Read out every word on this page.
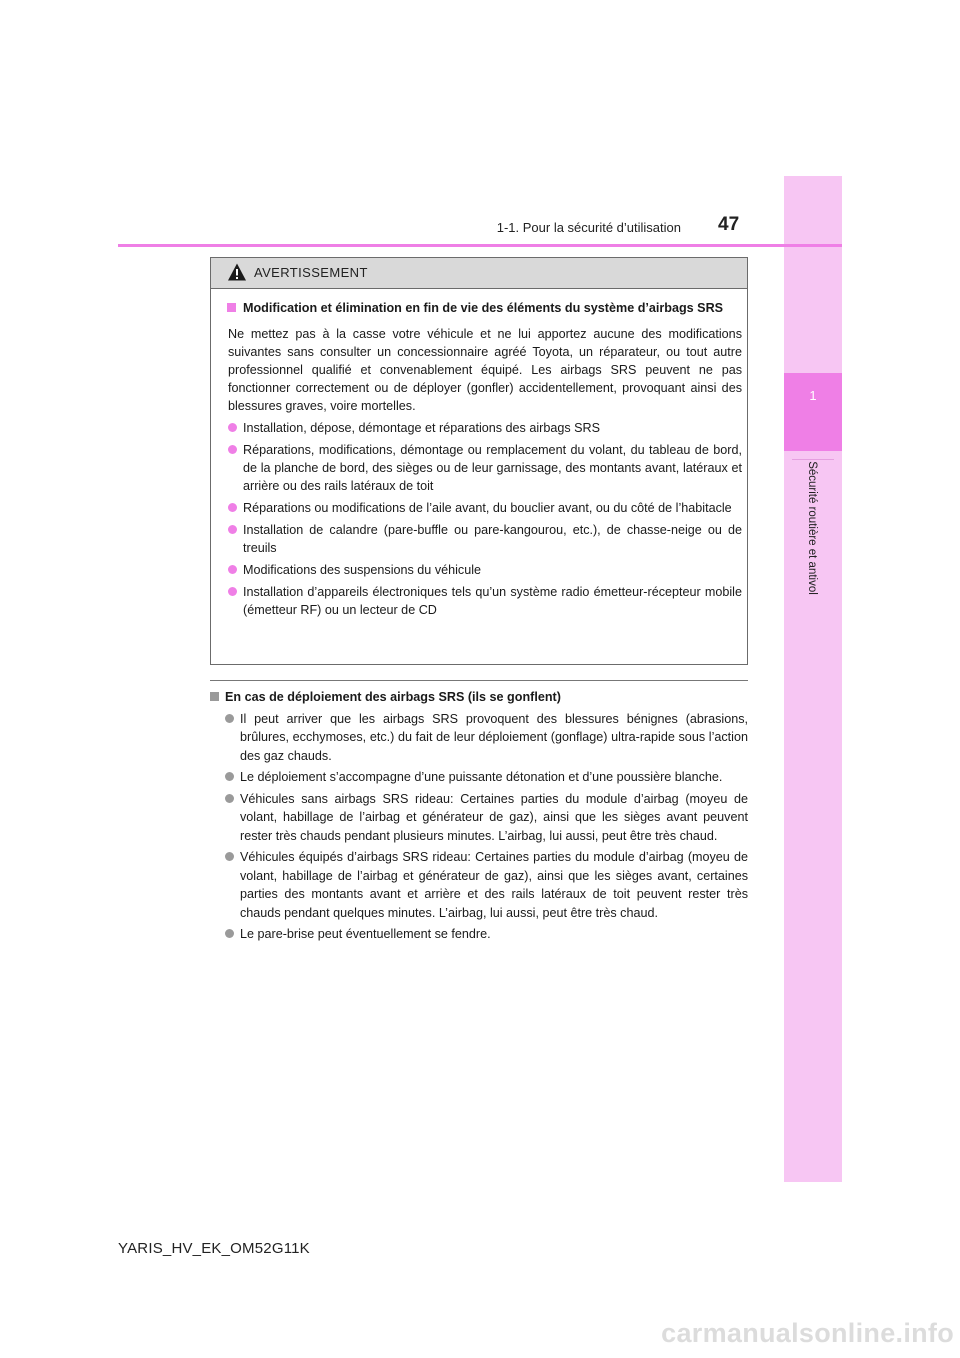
1
Sécurité routière et antivol
1-1. Pour la sécurité d’utilisation 47
AVERTISSEMENT
Modification et élimination en fin de vie des éléments du système d’airbags SRS
Ne mettez pas à la casse votre véhicule et ne lui apportez aucune des modifications suivantes sans consulter un concessionnaire agréé Toyota, un réparateur, ou tout autre professionnel qualifié et convenablement équipé. Les airbags SRS peuvent ne pas fonctionner correctement ou de déployer (gonfler) accidentellement, provoquant ainsi des blessures graves, voire mortelles.
Installation, dépose, démontage et réparations des airbags SRS
Réparations, modifications, démontage ou remplacement du volant, du tableau de bord, de la planche de bord, des sièges ou de leur garnissage, des montants avant, latéraux et arrière ou des rails latéraux de toit
Réparations ou modifications de l’aile avant, du bouclier avant, ou du côté de l’habitacle
Installation de calandre (pare-buffle ou pare-kangourou, etc.), de chasse-neige ou de treuils
Modifications des suspensions du véhicule
Installation d’appareils électroniques tels qu’un système radio émetteur-récepteur mobile (émetteur RF) ou un lecteur de CD
En cas de déploiement des airbags SRS (ils se gonflent)
Il peut arriver que les airbags SRS provoquent des blessures bénignes (abrasions, brûlures, ecchymoses, etc.) du fait de leur déploiement (gonflage) ultra-rapide sous l’action des gaz chauds.
Le déploiement s’accompagne d’une puissante détonation et d’une poussière blanche.
Véhicules sans airbags SRS rideau: Certaines parties du module d’airbag (moyeu de volant, habillage de l’airbag et générateur de gaz), ainsi que les sièges avant peuvent rester très chauds pendant plusieurs minutes. L’airbag, lui aussi, peut être très chaud.
Véhicules équipés d’airbags SRS rideau: Certaines parties du module d’airbag (moyeu de volant, habillage de l’airbag et générateur de gaz), ainsi que les sièges avant, certaines parties des montants avant et arrière et des rails latéraux de toit peuvent rester très chauds pendant quelques minutes. L’airbag, lui aussi, peut être très chaud.
Le pare-brise peut éventuellement se fendre.
YARIS_HV_EK_OM52G11K
carmanualsonline.info
